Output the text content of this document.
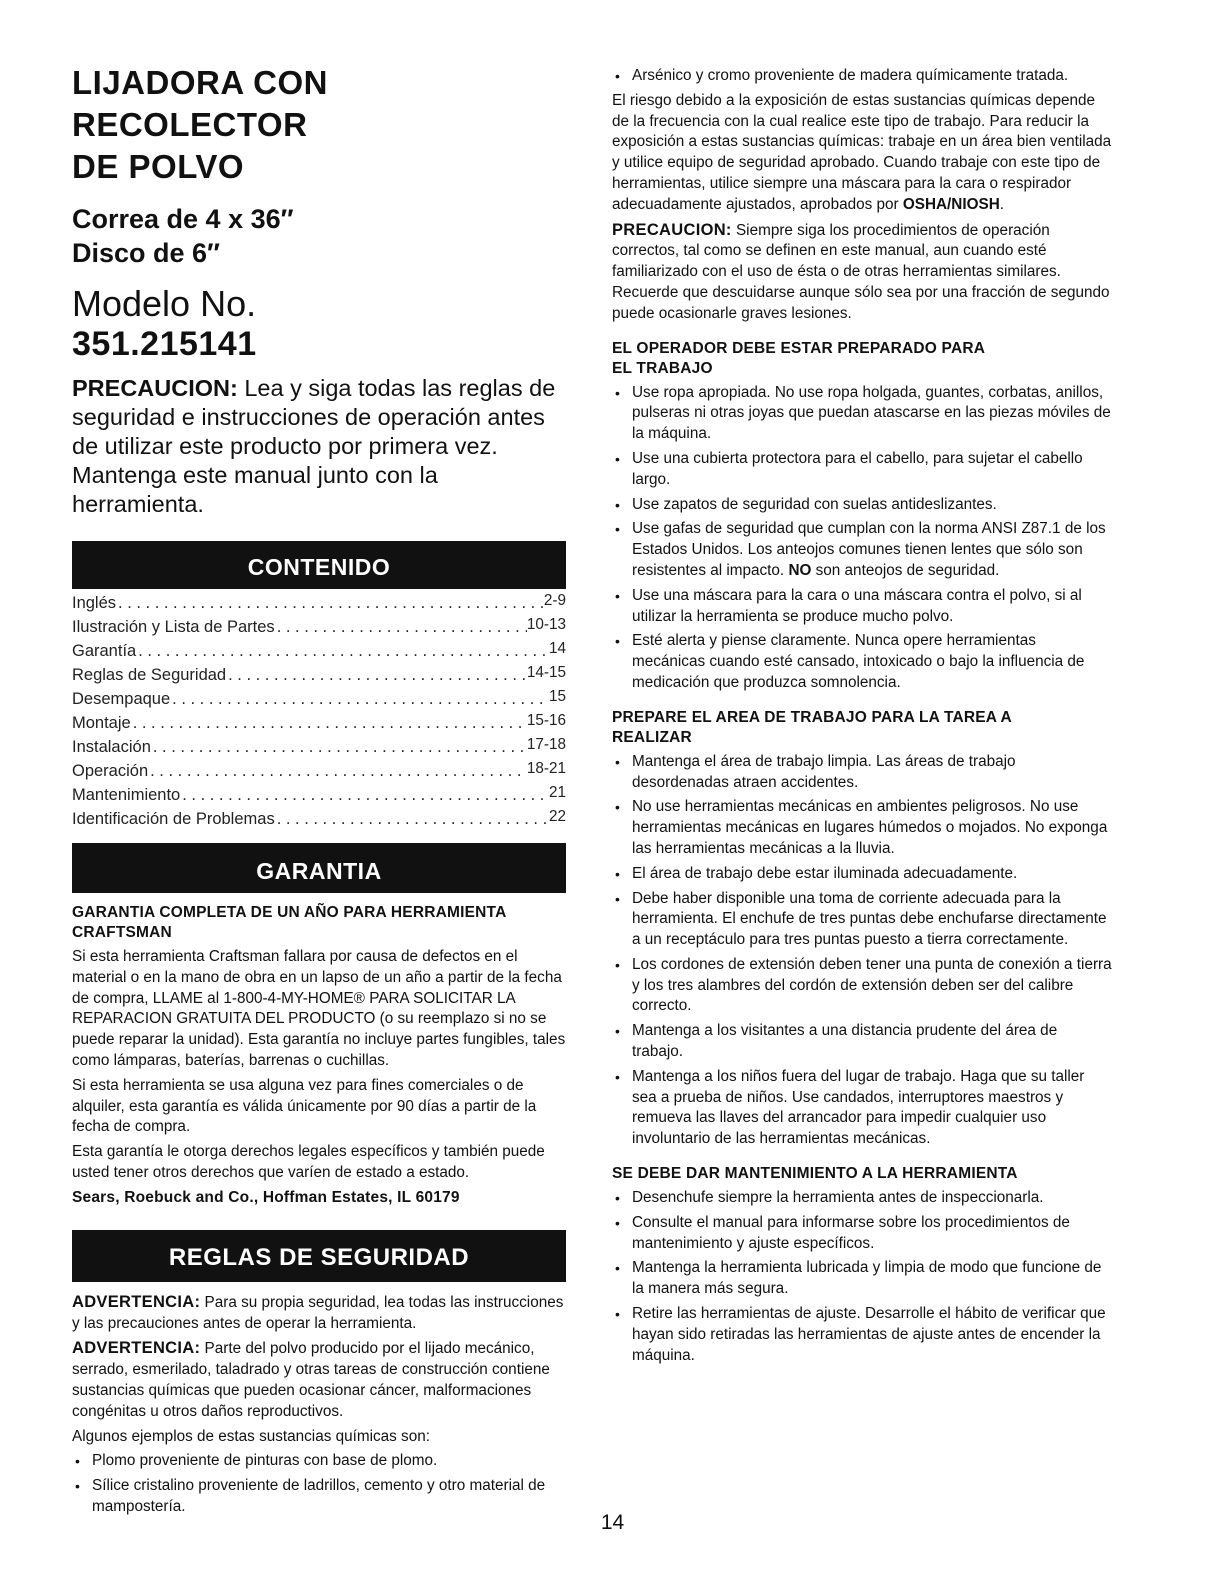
LIJADORA CON RECOLECTOR
DE POLVO
Correa de 4 x 36″
Disco de 6″
Modelo No.
351.215141

PRECAUCION: Lea y siga todas las reglas de seguridad e instrucciones de operación antes de utilizar este producto por primera vez. Mantenga este manual junto con la herramienta.

CONTENIDO
Inglés . . .	2-9
Ilustración y Lista de Partes . . .	10-13
Garantía . . .	14
Reglas de Seguridad . . .	14-15
Desempaque . . .	15
Montaje . . .	15-16
Instalación . . .	17-18
Operación . . .	18-21
Mantenimiento . . .	21
Identificación de Problemas . . .	22
GARANTIA

GARANTIA COMPLETA DE UN AÑO PARA HERRAMIENTA CRAFTSMAN

Si esta herramienta Craftsman fallara por causa de defectos en el material o en la mano de obra en un lapso de un año a partir de la fecha de compra, LLAME al 1-800-4-MY-HOME® PARA SOLICITAR LA REPARACION GRATUITA DEL PRODUCTO (o su reemplazo si no se puede reparar la unidad). Esta garantía no incluye partes fungibles, tales como lámparas, baterías, barrenas o cuchillas.

Si esta herramienta se usa alguna vez para fines comerciales o de alquiler, esta garantía es válida únicamente por 90 días a partir de la fecha de compra.

Esta garantía le otorga derechos legales específicos y también puede usted tener otros derechos que varíen de estado a estado.

Sears, Roebuck and Co., Hoffman Estates, IL 60179

REGLAS DE SEGURIDAD

ADVERTENCIA: Para su propia seguridad, lea todas las instrucciones y las precauciones antes de operar la herramienta.

ADVERTENCIA: Parte del polvo producido por el lijado mecánico, serrado, esmerilado, taladrado y otras tareas de construcción contiene sustancias químicas que pueden ocasionar cáncer, malformaciones congénitas u otros daños reproductivos.

Algunos ejemplos de estas sustancias químicas son:

• Plomo proveniente de pinturas con base de plomo.
• Sílice cristalino proveniente de ladrillos, cemento y otro material de mampostería.
• Arsénico y cromo proveniente de madera químicamente tratada.

El riesgo debido a la exposición de estas sustancias químicas depende de la frecuencia con la cual realice este tipo de trabajo. Para reducir la exposición a estas sustancias químicas: trabaje en un área bien ventilada y utilice equipo de seguridad aprobado. Cuando trabaje con este tipo de herramientas, utilice siempre una máscara para la cara o respirador adecuadamente ajustados, aprobados por OSHA/NIOSH.

PRECAUCION: Siempre siga los procedimientos de operación correctos, tal como se definen en este manual, aun cuando esté familiarizado con el uso de ésta o de otras herramientas similares. Recuerde que descuidarse aunque sólo sea por una fracción de segundo puede ocasionarle graves lesiones.

EL OPERADOR DEBE ESTAR PREPARADO PARA
EL TRABAJO

• Use ropa apropiada. No use ropa holgada, guantes, corbatas, anillos, pulseras ni otras joyas que puedan atascarse en las piezas móviles de la máquina.
• Use una cubierta protectora para el cabello, para sujetar el cabello largo.
• Use zapatos de seguridad con suelas antideslizantes.
• Use gafas de seguridad que cumplan con la norma ANSI Z87.1 de los Estados Unidos. Los anteojos comunes tienen lentes que sólo son resistentes al impacto. NO son anteojos de seguridad.
• Use una máscara para la cara o una máscara contra el polvo, si al utilizar la herramienta se produce mucho polvo.
• Esté alerta y piense claramente. Nunca opere herramientas mecánicas cuando esté cansado, intoxicado o bajo la influencia de medicación que produzca somnolencia.

PREPARE EL AREA DE TRABAJO PARA LA TAREA A
REALIZAR

• Mantenga el área de trabajo limpia. Las áreas de trabajo desordenadas atraen accidentes.
• No use herramientas mecánicas en ambientes peligrosos. No use herramientas mecánicas en lugares húmedos o mojados. No exponga las herramientas mecánicas a la lluvia.
• El área de trabajo debe estar iluminada adecuadamente.
• Debe haber disponible una toma de corriente adecuada para la herramienta. El enchufe de tres puntas debe enchufarse directamente a un receptáculo para tres puntas puesto a tierra correctamente.
• Los cordones de extensión deben tener una punta de conexión a tierra y los tres alambres del cordón de extensión deben ser del calibre correcto.
• Mantenga a los visitantes a una distancia prudente del área de trabajo.
• Mantenga a los niños fuera del lugar de trabajo. Haga que su taller sea a prueba de niños. Use candados, interruptores maestros y remueva las llaves del arrancador para impedir cualquier uso involuntario de las herramientas mecánicas.

SE DEBE DAR MANTENIMIENTO A LA HERRAMIENTA

• Desenchufe siempre la herramienta antes de inspeccionarla.
• Consulte el manual para informarse sobre los procedimientos de mantenimiento y ajuste específicos.
• Mantenga la herramienta lubricada y limpia de modo que funcione de la manera más segura.
• Retire las herramientas de ajuste. Desarrolle el hábito de verificar que hayan sido retiradas las herramientas de ajuste antes de encender la máquina.
14
